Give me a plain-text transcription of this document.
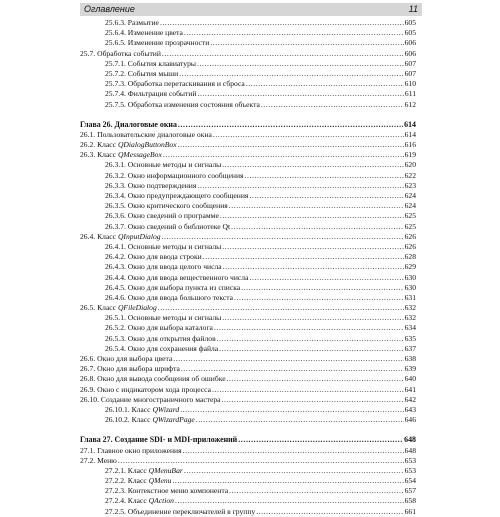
Оглавление	11
25.6.3. Размытие .....	605
25.6.4. Изменение цвета .....	605
25.6.5. Изменение прозрачности .....	606
25.7. Обработка событий .....	606
25.7.1. События клавиатуры .....	607
25.7.2. События мыши .....	607
25.7.3. Обработка перетаскивания и сброса .....	610
25.7.4. Фильтрация событий .....	611
25.7.5. Обработка изменения состояния объекта .....	612
Глава 26. Диалоговые окна .....	614
26.1. Пользовательские диалоговые окна .....	614
26.2. Класс QDialogButtonBox .....	616
26.3. Класс QMessageBox .....	619
26.3.1. Основные методы и сигналы .....	620
26.3.2. Окно информационного сообщения .....	622
26.3.3. Окно подтверждения .....	623
26.3.4. Окно предупреждающего сообщения .....	624
26.3.5. Окно критического сообщения .....	624
26.3.6. Окно сведений о программе .....	625
26.3.7. Окно сведений о библиотеке Qt .....	625
26.4. Класс QInputDialog .....	626
26.4.1. Основные методы и сигналы .....	626
26.4.2. Окно для ввода строки .....	628
26.4.3. Окно для ввода целого числа .....	629
26.4.4. Окно для ввода вещественного числа .....	630
26.4.5. Окно для выбора пункта из списка .....	630
26.4.6. Окно для ввода большого текста .....	631
26.5. Класс QFileDialog .....	632
26.5.1. Основные методы и сигналы .....	632
26.5.2. Окно для выбора каталога .....	634
26.5.3. Окно для открытия файлов .....	635
26.5.4. Окно для сохранения файла .....	637
26.6. Окно для выбора цвета .....	638
26.7. Окно для выбора шрифта .....	639
26.8. Окно для вывода сообщения об ошибке .....	640
26.9. Окно с индикатором хода процесса .....	641
26.10. Создание многостраничного мастера .....	642
26.10.1. Класс QWizard .....	643
26.10.2. Класс QWizardPage .....	646
Глава 27. Создание SDI- и MDI-приложений .....	648
27.1. Главное окно приложения .....	648
27.2. Меню .....	653
27.2.1. Класс QMenuBar .....	653
27.2.2. Класс QMenu .....	654
27.2.3. Контекстное меню компонента .....	657
27.2.4. Класс QAction .....	658
27.2.5. Объединение переключателей в группу .....	661
